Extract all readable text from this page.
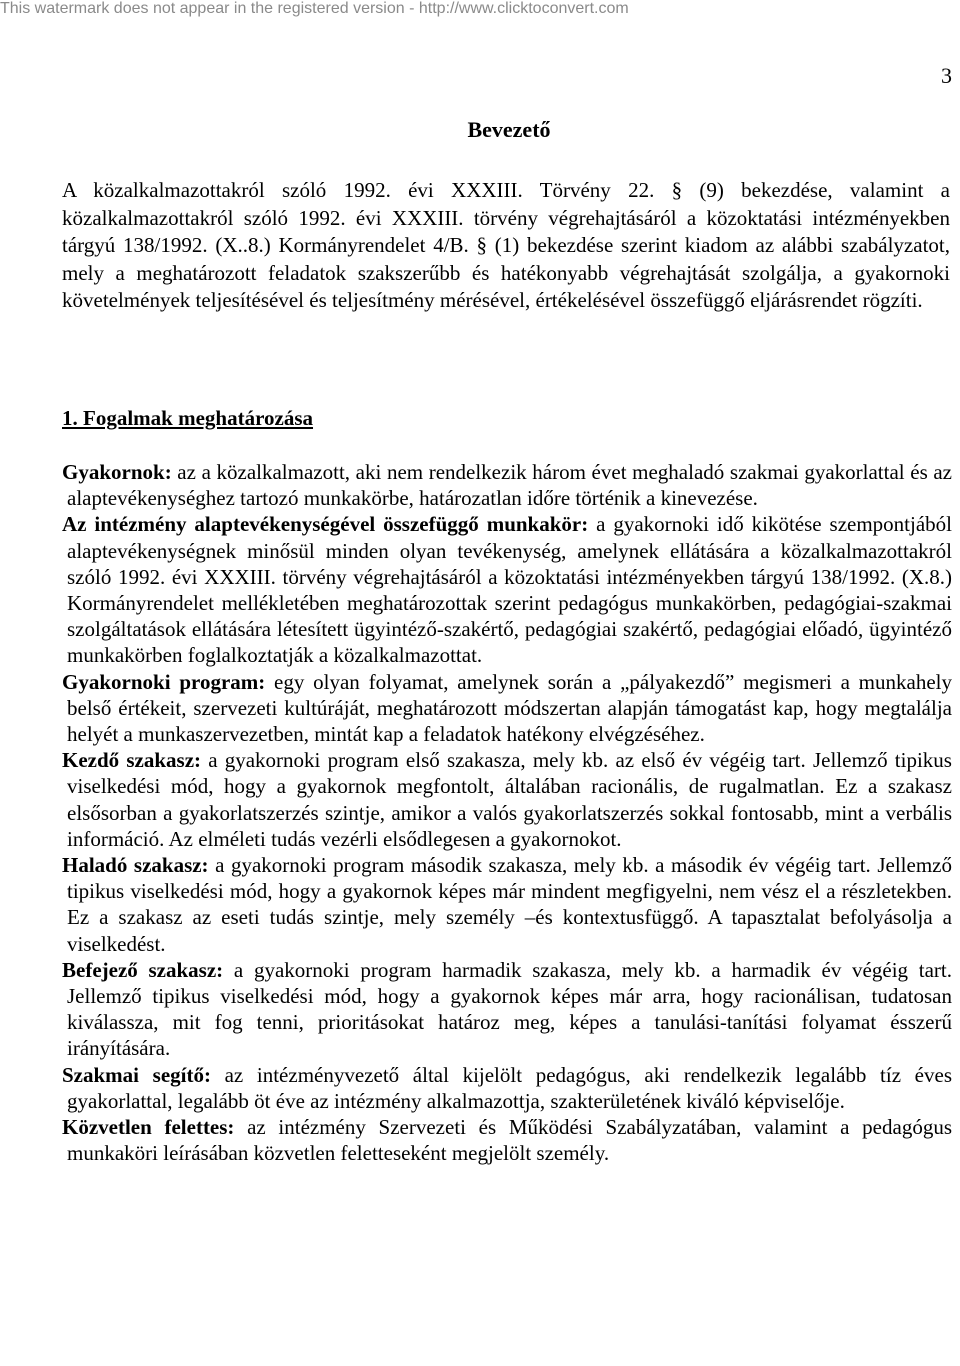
This watermark does not appear in the registered version - http://www.clicktoconvert.com
3
Bevezető

A közalkalmazottakról szóló 1992. évi XXXIII. Törvény 22. § (9) bekezdése, valamint a közalkalmazottakról szóló 1992. évi XXXIII. törvény végrehajtásáról a közoktatási intézményekben tárgyú 138/1992. (X..8.) Kormányrendelet 4/B. § (1) bekezdése szerint kiadom az alábbi szabályzatot, mely a meghatározott feladatok szakszerűbb és hatékonyabb végrehajtását szolgálja, a gyakornoki követelmények teljesítésével és teljesítmény mérésével, értékelésével összefüggő eljárásrendet rögzíti.

1. Fogalmak meghatározása
Gyakornok: az a közalkalmazott, aki nem rendelkezik három évet meghaladó szakmai gyakorlattal és az alaptevékenységhez tartozó munkakörbe, határozatlan időre történik a kinevezése.
Az intézmény alaptevékenységével összefüggő munkakör: a gyakornoki idő kikötése szempontjából alaptevékenységnek minősül minden olyan tevékenység, amelynek ellátására a közalkalmazottakról szóló 1992. évi XXXIII. törvény végrehajtásáról a közoktatási intézményekben tárgyú 138/1992. (X.8.) Kormányrendelet mellékletében meghatározottak szerint pedagógus munkakörben, pedagógiai-szakmai szolgáltatások ellátására létesített ügyintéző-szakértő, pedagógiai szakértő, pedagógiai előadó, ügyintéző munkakörben foglalkoztatják a közalkalmazottat.
Gyakornoki program: egy olyan folyamat, amelynek során a „pályakezdő” megismeri a munkahely belső értékeit, szervezeti kultúráját, meghatározott módszertan alapján támogatást kap, hogy megtalálja helyét a munkaszervezetben, mintát kap a feladatok hatékony elvégzéséhez.
Kezdő szakasz: a gyakornoki program első szakasza, mely kb. az első év végéig tart. Jellemző tipikus viselkedési mód, hogy a gyakornok megfontolt, általában racionális, de rugalmatlan. Ez a szakasz elsősorban a gyakorlatszerzés szintje, amikor a valós gyakorlatszerzés sokkal fontosabb, mint a verbális információ. Az elméleti tudás vezérli elsődlegesen a gyakornokot.
Haladó szakasz: a gyakornoki program második szakasza, mely kb. a második év végéig tart. Jellemző tipikus viselkedési mód, hogy a gyakornok képes már mindent megfigyelni, nem vész el a részletekben. Ez a szakasz az eseti tudás szintje, mely személy –és kontextusfüggő. A tapasztalat befolyásolja a viselkedést.
Befejező szakasz: a gyakornoki program harmadik szakasza, mely kb. a harmadik év végéig tart. Jellemző tipikus viselkedési mód, hogy a gyakornok képes már arra, hogy racionálisan, tudatosan kiválassza, mit fog tenni, prioritásokat határoz meg, képes a tanulási-tanítási folyamat ésszerű irányítására.
Szakmai segítő: az intézményvezető által kijelölt pedagógus, aki rendelkezik legalább tíz éves gyakorlattal, legalább öt éve az intézmény alkalmazottja, szakterületének kiváló képviselője.
Közvetlen felettes: az intézmény Szervezeti és Működési Szabályzatában, valamint a pedagógus munkaköri leírásában közvetlen feletteseként megjelölt személy.
